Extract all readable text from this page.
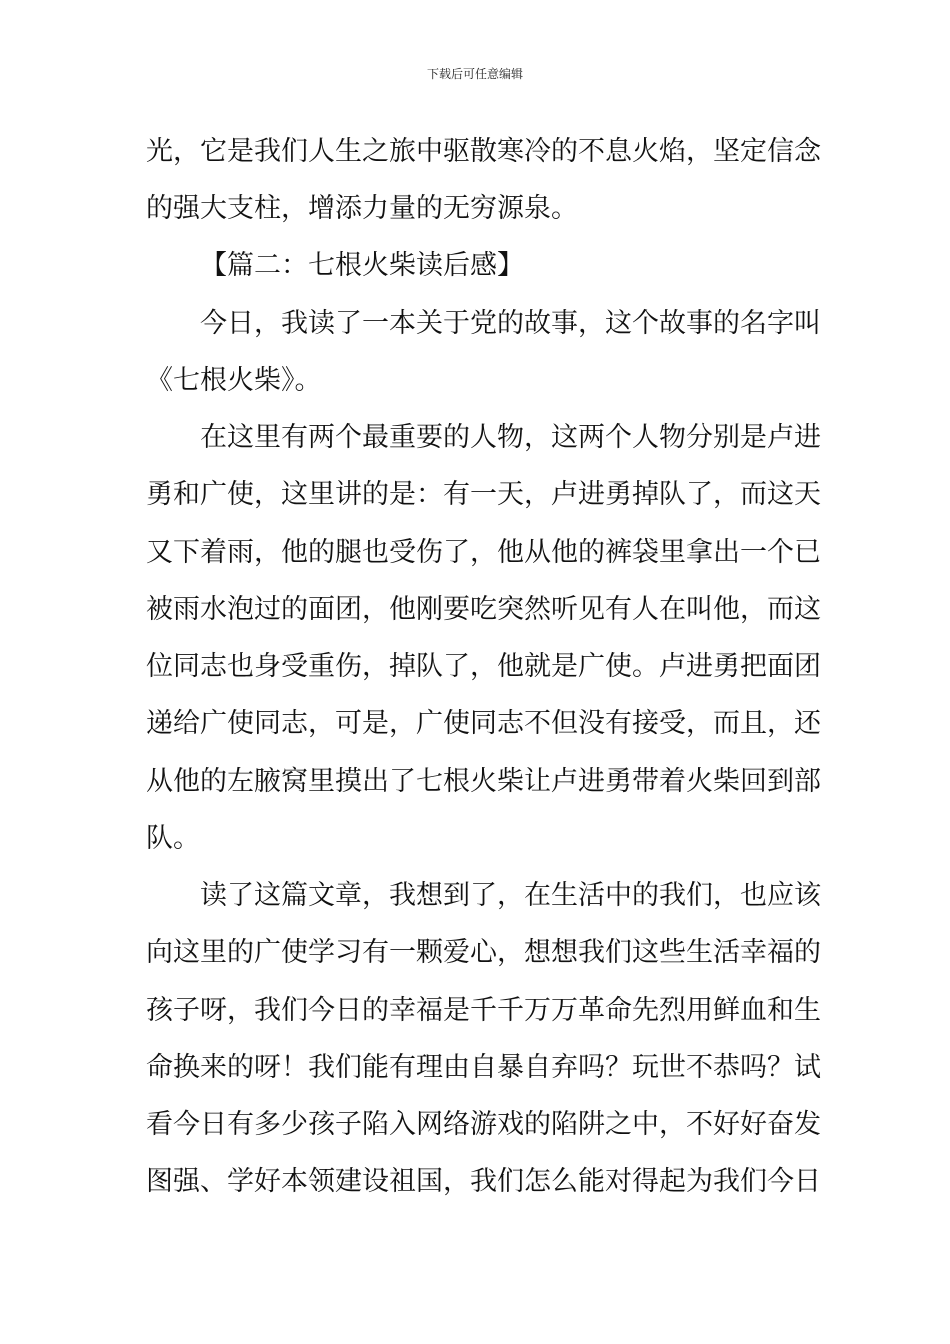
下载后可任意编辑
光，它是我们人生之旅中驱散寒冷的不息火焰，坚定信念
的强大支柱，增添力量的无穷源泉。
【篇二：七根火柴读后感】
今日，我读了一本关于党的故事，这个故事的名字叫
《七根火柴》。
在这里有两个最重要的人物，这两个人物分别是卢进
勇和广使，这里讲的是：有一天，卢进勇掉队了，而这天
又下着雨，他的腿也受伤了，他从他的裤袋里拿出一个已
被雨水泡过的面团，他刚要吃突然听见有人在叫他，而这
位同志也身受重伤，掉队了，他就是广使。卢进勇把面团
递给广使同志，可是，广使同志不但没有接受，而且，还
从他的左腋窝里摸出了七根火柴让卢进勇带着火柴回到部
队。
读了这篇文章，我想到了，在生活中的我们，也应该
向这里的广使学习有一颗爱心，想想我们这些生活幸福的
孩子呀，我们今日的幸福是千千万万革命先烈用鲜血和生
命换来的呀！我们能有理由自暴自弃吗？玩世不恭吗？试
看今日有多少孩子陷入网络游戏的陷阱之中，不好好奋发
图强、学好本领建设祖国，我们怎么能对得起为我们今日
